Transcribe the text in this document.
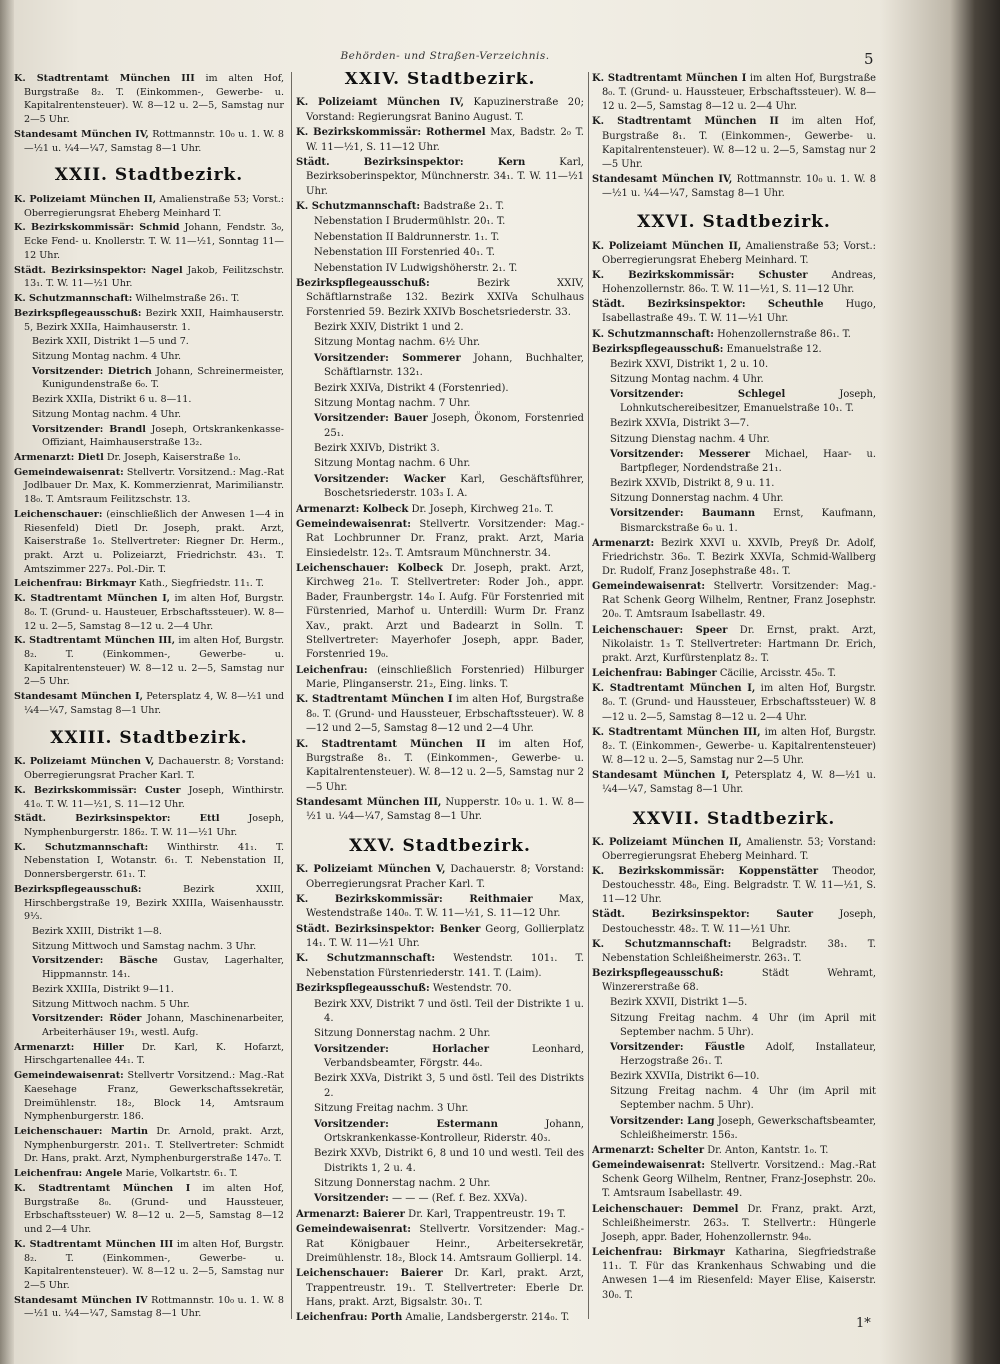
Behörden- und Straßen-Verzeichnis.	5
K. Stadtrentamt München III im alten Hof, Burgstraße 8₂. T. (Einkommen-, Gewerbe- u. Kapitalrentensteuer). W. 8—12 u. 2—5, Samstag nur 2—5 Uhr.
Standesamt München IV, Rottmannstr. 10₀ u. 1. W. 8—½1 u. ¼4—¼7, Samstag 8—1 Uhr.
XXII. Stadtbezirk.
K. Polizeiamt München II, Amalienstraße 53; Vorst.: Oberregierungsrat Eheberg Meinhard T.
K. Bezirkskommissär: Schmid Johann, Fendstr. 3₀, Ecke Fend- u. Knollerstr. T. W. 11—½1, Sonntag 11—12 Uhr.
Städt. Bezirksinspektor: Nagel Jakob, Feilitzschstr. 13₁. T. W. 11—½1 Uhr.
K. Schutzmannschaft: Wilhelmstraße 26₁. T.
Bezirkspflegeausschuß: Bezirk XXII, Haimhauserstr. 5, Bezirk XXIIa, Haimhauserstr. 1.
Bezirk XXII, Distrikt 1—5 und 7.
Sitzung Montag nachm. 4 Uhr.
Vorsitzender: Dietrich Johann, Schreinermeister, Kunigundenstraße 6₀. T.
Bezirk XXIIa, Distrikt 6 u. 8—11.
Sitzung Montag nachm. 4 Uhr.
Vorsitzender: Brandl Joseph, Ortskrankenkasse-Offiziant, Haimhauserstraße 13₂.
Armenarzt: Dietl Dr. Joseph, Kaiserstraße 1₀.
Gemeindewaisenrat: Stellvertr. Vorsitzend.: Mag.-Rat Jodlbauer Dr. Max, K. Kommerzienrat, Marimilianstr. 18₀. T. Amtsraum Feilitzschstr. 13.
Leichenschauer: (einschließlich der Anwesen 1—4 in Riesenfeld) Dietl Dr. Joseph, prakt. Arzt, Kaiserstraße 1₀. Stellvertreter: Riegner Dr. Herm., prakt. Arzt u. Polizeiarzt, Friedrichstr. 43₁. T. Amtszimmer 227₃. Pol.-Dir. T.
Leichenfrau: Birkmayr Kath., Siegfriedstr. 11₁. T.
K. Stadtrentamt München I, im alten Hof, Burgstr. 8₀. T. (Grund- u. Hausteuer, Erbschaftssteuer). W. 8—12 u. 2—5, Samstag 8—12 u. 2—4 Uhr.
K. Stadtrentamt München III, im alten Hof, Burgstr. 8₂. T. (Einkommen-, Gewerbe- u. Kapitalrentensteuer) W. 8—12 u. 2—5, Samstag nur 2—5 Uhr.
Standesamt München I, Petersplatz 4, W. 8—½1 und ¼4—¼7, Samstag 8—1 Uhr.
XXIII. Stadtbezirk.
K. Polizeiamt München V, Dachauerstr. 8; Vorstand: Oberregierungsrat Pracher Karl. T.
K. Bezirkskommissär: Custer Joseph, Winthirstr. 41₀. T. W. 11—½1, S. 11—12 Uhr.
Städt. Bezirksinspektor: Ettl	Joseph, Nymphenburgerstr. 186₂. T. W. 11—½1 Uhr.
K. Schutzmannschaft: Winthirstr. 41₁. T. Nebenstation I, Wotanstr. 6₁. T. Nebenstation II, Donnersbergerstr. 61₁. T.
Bezirkspflegeausschuß:	Bezirk XXIII, Hirschbergstraße 19, Bezirk XXIIIa, Waisenhausstr. 9⅓.
Bezirk XXIII, Distrikt 1—8.
Sitzung Mittwoch und Samstag nachm. 3 Uhr.
Vorsitzender: Bäsche Gustav, Lagerhalter, Hippmannstr. 14₁.
Bezirk XXIIIa, Distrikt 9—11.
Sitzung Mittwoch nachm. 5 Uhr.
Vorsitzender: Röder Johann, Maschinenarbeiter, Arbeiterhäuser 19₁, westl. Aufg.
Armenarzt: Hiller Dr. Karl, K. Hofarzt, Hirschgartenallee 44₁. T.
Gemeindewaisenrat: Stellvertr Vorsitzend.: Mag.-Rat Kaesehage Franz, Gewerkschaftssekretär, Dreimühlenstr. 18₂, Block 14, Amtsraum Nymphenburgerstr. 186.
Leichenschauer: Martin Dr. Arnold, prakt. Arzt, Nymphenburgerstr. 201₁. T. Stellvertreter: Schmidt Dr. Hans, prakt. Arzt, Nymphenburgerstraße 147₀. T.
Leichenfrau: Angele Marie, Volkartstr. 6₁. T.
K. Stadtrentamt München I im alten Hof, Burgstraße 8₀. (Grund- und Haussteuer, Erbschaftssteuer) W. 8—12 u. 2—5, Samstag 8—12 und 2—4 Uhr.
K. Stadtrentamt München III im alten Hof, Burgstr. 8₂. T. (Einkommen-, Gewerbe- u. Kapitalrentensteuer). W. 8—12 u. 2—5, Samstag nur 2—5 Uhr.
Standesamt München IV Rottmannstr. 10₀ u. 1. W. 8—½1 u. ¼4—¼7, Samstag 8—1 Uhr.
XXIV. Stadtbezirk.
K. Polizeiamt München IV, Kapuzinerstraße 20; Vorstand: Regierungsrat Banino August. T.
K. Bezirkskommissär: Rothermel Max, Badstr. 2₀ T. W. 11—½1, S. 11—12 Uhr.
Städt. Bezirksinspektor: Kern	Karl, Bezirksoberinspektor, Münchnerstr. 34₁. T. W. 11—½1 Uhr.
K. Schutzmannschaft: Badstraße 2₁. T.
Nebenstation I Brudermühlstr. 20₁. T.
Nebenstation II Baldrunnerstr. 1₁. T.
Nebenstation III Forstenried 40₁. T.
Nebenstation IV Ludwigshöherstr. 2₁. T.
Bezirkspflegeausschuß:	Bezirk XXIV, Schäftlarnstraße 132. Bezirk XXIVa Schulhaus Forstenried 59. Bezirk XXIVb Boschetsriederstr. 33.
Bezirk XXIV, Distrikt 1 und 2.
Sitzung Montag nachm. 6½ Uhr.
Vorsitzender: Sommerer Johann, Buchhalter, Schäftlarnstr. 132₁.
Bezirk XXIVa, Distrikt 4 (Forstenried).
Sitzung Montag nachm. 7 Uhr.
Vorsitzender: Bauer Joseph, Ökonom, Forstenried 25₁.
Bezirk XXIVb, Distrikt 3.
Sitzung Montag nachm. 6 Uhr.
Vorsitzender: Wacker Karl, Geschäftsführer, Boschetsriederstr. 103₃ I. A.
Armenarzt: Kolbeck Dr. Joseph, Kirchweg 21₀. T.
Gemeindewaisenrat: Stellvertr. Vorsitzender: Mag.-Rat Lochbrunner Dr. Franz, prakt. Arzt, Maria Einsiedelstr. 12₃. T. Amtsraum Münchnerstr. 34.
Leichenschauer: Kolbeck Dr. Joseph, prakt. Arzt, Kirchweg 21₀. T. Stellvertreter: Roder Joh., appr. Bader, Fraunbergstr. 14₀ I. Aufg. Für Forstenried mit Fürstenried, Marhof u. Unterdill: Wurm Dr. Franz Xav., prakt. Arzt und Badearzt in Solln. T. Stellvertreter: Mayerhofer Joseph, appr. Bader, Forstenried 19₀.
Leichenfrau: (einschließlich Forstenried) Hilburger Marie, Plinganserstr. 21₂, Eing. links. T.
K. Stadtrentamt München I im alten Hof, Burgstraße 8₀. T. (Grund- und Haussteuer, Erbschaftssteuer). W. 8—12 und 2—5, Samstag 8—12 und 2—4 Uhr.
K. Stadtrentamt München II im alten Hof, Burgstraße 8₁. T. (Einkommen-, Gewerbe- u. Kapitalrentensteuer). W. 8—12 u. 2—5, Samstag nur 2—5 Uhr.
Standesamt München III, Nupperstr. 10₀ u. 1. W. 8—½1 u. ¼4—¼7, Samstag 8—1 Uhr.
XXV. Stadtbezirk.
K. Polizeiamt München V, Dachauerstr. 8; Vorstand: Oberregierungsrat Pracher Karl. T.
K. Bezirkskommissär: Reithmaier	Max, Westendstraße 140₀. T. W. 11—½1, S. 11—12 Uhr.
Städt. Bezirksinspektor: Benker Georg, Gollierplatz 14₁. T. W. 11—½1 Uhr.
K. Schutzmannschaft: Westendstr. 101₁. T. Nebenstation Fürstenriederstr. 141. T. (Laim).
Bezirkspflegeausschuß: Westendstr. 70.
Bezirk XXV, Distrikt 7 und östl. Teil der Distrikte 1 u. 4.
Sitzung Donnerstag nachm. 2 Uhr.
Vorsitzender: Horlacher	Leonhard, Verbandsbeamter, Förgstr. 44₀.
Bezirk XXVa, Distrikt 3, 5 und östl. Teil des Distrikts 2.
Sitzung Freitag nachm. 3 Uhr.
Vorsitzender: Estermann	Johann, Ortskrankenkasse-Kontrolleur, Riderstr. 40₃.
Bezirk XXVb, Distrikt 6, 8 und 10 und westl. Teil des Distrikts 1, 2 u. 4.
Sitzung Donnerstag nachm. 2 Uhr.
Vorsitzender: — — — (Ref. f. Bez. XXVa).
Armenarzt: Baierer Dr. Karl, Trappentreustr. 19₁ T.
Gemeindewaisenrat: Stellvertr. Vorsitzender: Mag.-Rat Königbauer Heinr., Arbeitersekretär, Dreimühlenstr. 18₂, Block 14. Amtsraum Gollierpl. 14.
Leichenschauer: Baierer Dr. Karl, prakt. Arzt, Trappentreustr. 19₁. T. Stellvertreter: Eberle Dr. Hans, prakt. Arzt, Bigsalstr. 30₁. T.
Leichenfrau: Porth Amalie, Landsbergerstr. 214₀. T.
K. Stadtrentamt München I im alten Hof, Burgstraße 8₀. T. (Grund- u. Haussteuer, Erbschaftssteuer). W. 8—12 u. 2—5, Samstag 8—12 u. 2—4 Uhr.
K. Stadtrentamt München II im alten Hof, Burgstraße 8₁. T. (Einkommen-, Gewerbe- u. Kapitalrentensteuer). W. 8—12 u. 2—5, Samstag nur 2—5 Uhr.
Standesamt München IV, Rottmannstr. 10₀ u. 1. W. 8—½1 u. ¼4—¼7, Samstag 8—1 Uhr.
XXVI. Stadtbezirk.
K. Polizeiamt München II, Amalienstraße 53; Vorst.: Oberregierungsrat Eheberg Meinhard. T.
K. Bezirkskommissär: Schuster Andreas, Hohenzollernstr. 86₀. T. W. 11—½1, S. 11—12 Uhr.
Städt. Bezirksinspektor: Scheuthle Hugo, Isabellastraße 49₃. T. W. 11—½1 Uhr.
K. Schutzmannschaft: Hohenzollernstraße 86₁. T.
Bezirkspflegeausschuß: Emanuelstraße 12.
Bezirk XXVI, Distrikt 1, 2 u. 10.
Sitzung Montag nachm. 4 Uhr.
Vorsitzender: Schlegel	Joseph, Lohnkutschereibesitzer, Emanuelstraße 10₁. T.
Bezirk XXVIa, Distrikt 3—7.
Sitzung Dienstag nachm. 4 Uhr.
Vorsitzender: Messerer Michael, Haar- u. Bartpfleger, Nordendstraße 21₁.
Bezirk XXVIb, Distrikt 8, 9 u. 11.
Sitzung Donnerstag nachm. 4 Uhr.
Vorsitzender: Baumann Ernst, Kaufmann, Bismarckstraße 6₀ u. 1.
Armenarzt: Bezirk XXVI u. XXVIb, Preyß Dr. Adolf, Friedrichstr. 36₀. T. Bezirk XXVIa, Schmid-Wallberg Dr. Rudolf, Franz Josephstraße 48₁. T.
Gemeindewaisenrat: Stellvertr. Vorsitzender: Mag.-Rat Schenk Georg Wilhelm, Rentner, Franz Josephstr. 20₀. T. Amtsraum Isabellastr. 49.
Leichenschauer: Speer Dr. Ernst, prakt. Arzt, Nikolaistr. 1₃ T. Stellvertreter: Hartmann Dr. Erich, prakt. Arzt, Kurfürstenplatz 8₂. T.
Leichenfrau: Babinger Cäcilie, Arcisstr. 45₀. T.
K. Stadtrentamt München I, im alten Hof, Burgstr. 8₀. T. (Grund- und Haussteuer, Erbschaftssteuer) W. 8—12 u. 2—5, Samstag 8—12 u. 2—4 Uhr.
K. Stadtrentamt München III, im alten Hof, Burgstr. 8₂. T. (Einkommen-, Gewerbe- u. Kapitalrentensteuer) W. 8—12 u. 2—5, Samstag nur 2—5 Uhr.
Standesamt München I, Petersplatz 4, W. 8—½1 u. ¼4—¼7, Samstag 8—1 Uhr.
XXVII. Stadtbezirk.
K. Polizeiamt München II, Amalienstr. 53; Vorstand: Oberregierungsrat Eheberg Meinhard. T.
K. Bezirkskommissär: Koppenstätter Theodor, Destouchesstr. 48₀, Eing. Belgradstr. T. W. 11—½1, S. 11—12 Uhr.
Städt. Bezirksinspektor: Sauter	Joseph, Destouchesstr. 48₂. T. W. 11—½1 Uhr.
K. Schutzmannschaft: Belgradstr. 38₁. T. Nebenstation Schleißheimerstr. 263₁. T.
Bezirkspflegeausschuß:	Städt Wehramt, Winzererstraße 68.
Bezirk XXVII, Distrikt 1—5.
Sitzung Freitag nachm. 4 Uhr (im April mit September nachm. 5 Uhr).
Vorsitzender: Fäustle Adolf, Installateur, Herzogstraße 26₁. T.
Bezirk XXVIIa, Distrikt 6—10.
Sitzung Freitag nachm. 4 Uhr (im April mit September nachm. 5 Uhr).
Vorsitzender: Lang Joseph, Gewerkschaftsbeamter, Schleißheimerstr. 156₃.
Armenarzt: Schelter Dr. Anton, Kantstr. 1₀. T.
Gemeindewaisenrat: Stellvertr. Vorsitzend.: Mag.-Rat Schenk Georg Wilhelm, Rentner, Franz-Josephstr. 20₀. T. Amtsraum Isabellastr. 49.
Leichenschauer: Demmel Dr. Franz, prakt. Arzt, Schleißheimerstr. 263₃. T. Stellvertr.: Hüngerle Joseph, appr. Bader, Hohenzollernstr. 94₀.
Leichenfrau: Birkmayr Katharina, Siegfriedstraße 11₁. T. Für das Krankenhaus Schwabing und die Anwesen 1—4 im Riesenfeld: Mayer Elise, Kaiserstr. 30₀. T.
1*
